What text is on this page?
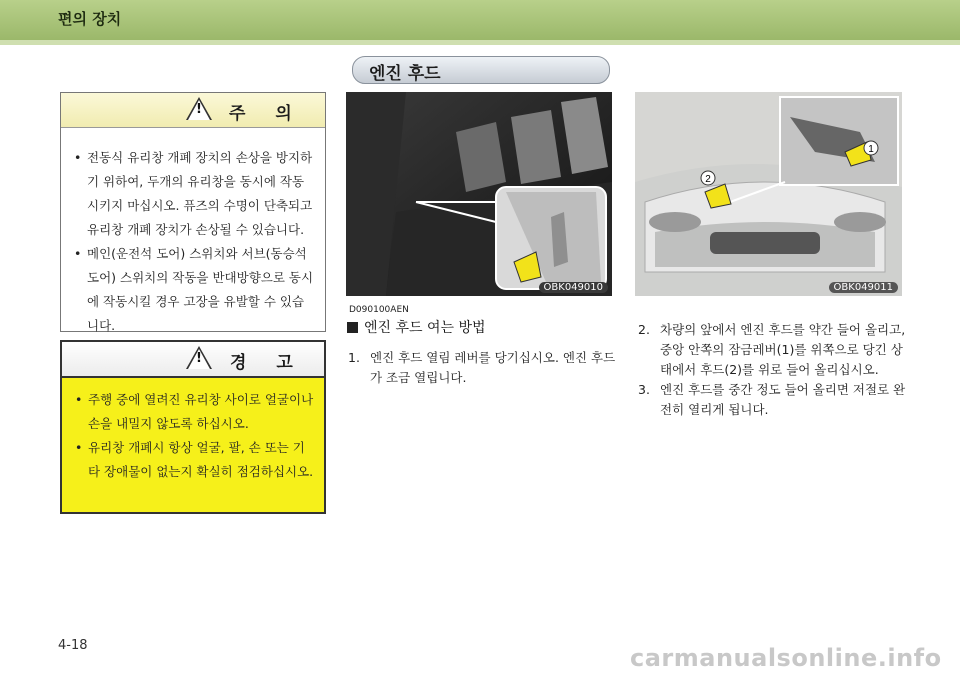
편의 장치
엔진 후드
! 주 의
• 전동식 유리창 개폐 장치의 손상을 방지하기 위하여, 두개의 유리창을 동시에 작동시키지 마십시오. 퓨즈의 수명이 단축되고 유리창 개폐 장치가 손상될 수 있습니다.
• 메인(운전석 도어) 스위치와 서브(동승석 도어) 스위치의 작동을 반대방향으로 동시에 작동시킬 경우 고장을 유발할 수 있습니다.
! 경 고
• 주행 중에 열려진 유리창 사이로 얼굴이나 손을 내밀지 않도록 하십시오.
• 유리창 개폐시 항상 얼굴, 팔, 손 또는 기타 장애물이 없는지 확실히 점검하십시오.
OBK049010
1
2
OBK049011
D090100AEN
엔진 후드 여는 방법
1. 엔진 후드 열림 레버를 당기십시오. 엔진 후드가 조금 열립니다.
2. 차량의 앞에서 엔진 후드를 약간 들어 올리고, 중앙 안쪽의 잠금레버(1)를 위쪽으로 당긴 상태에서 후드(2)를 위로 들어 올리십시오.
3. 엔진 후드를 중간 정도 들어 올리면 저절로 완전히 열리게 됩니다.
4-18	carmanualsonline.info
